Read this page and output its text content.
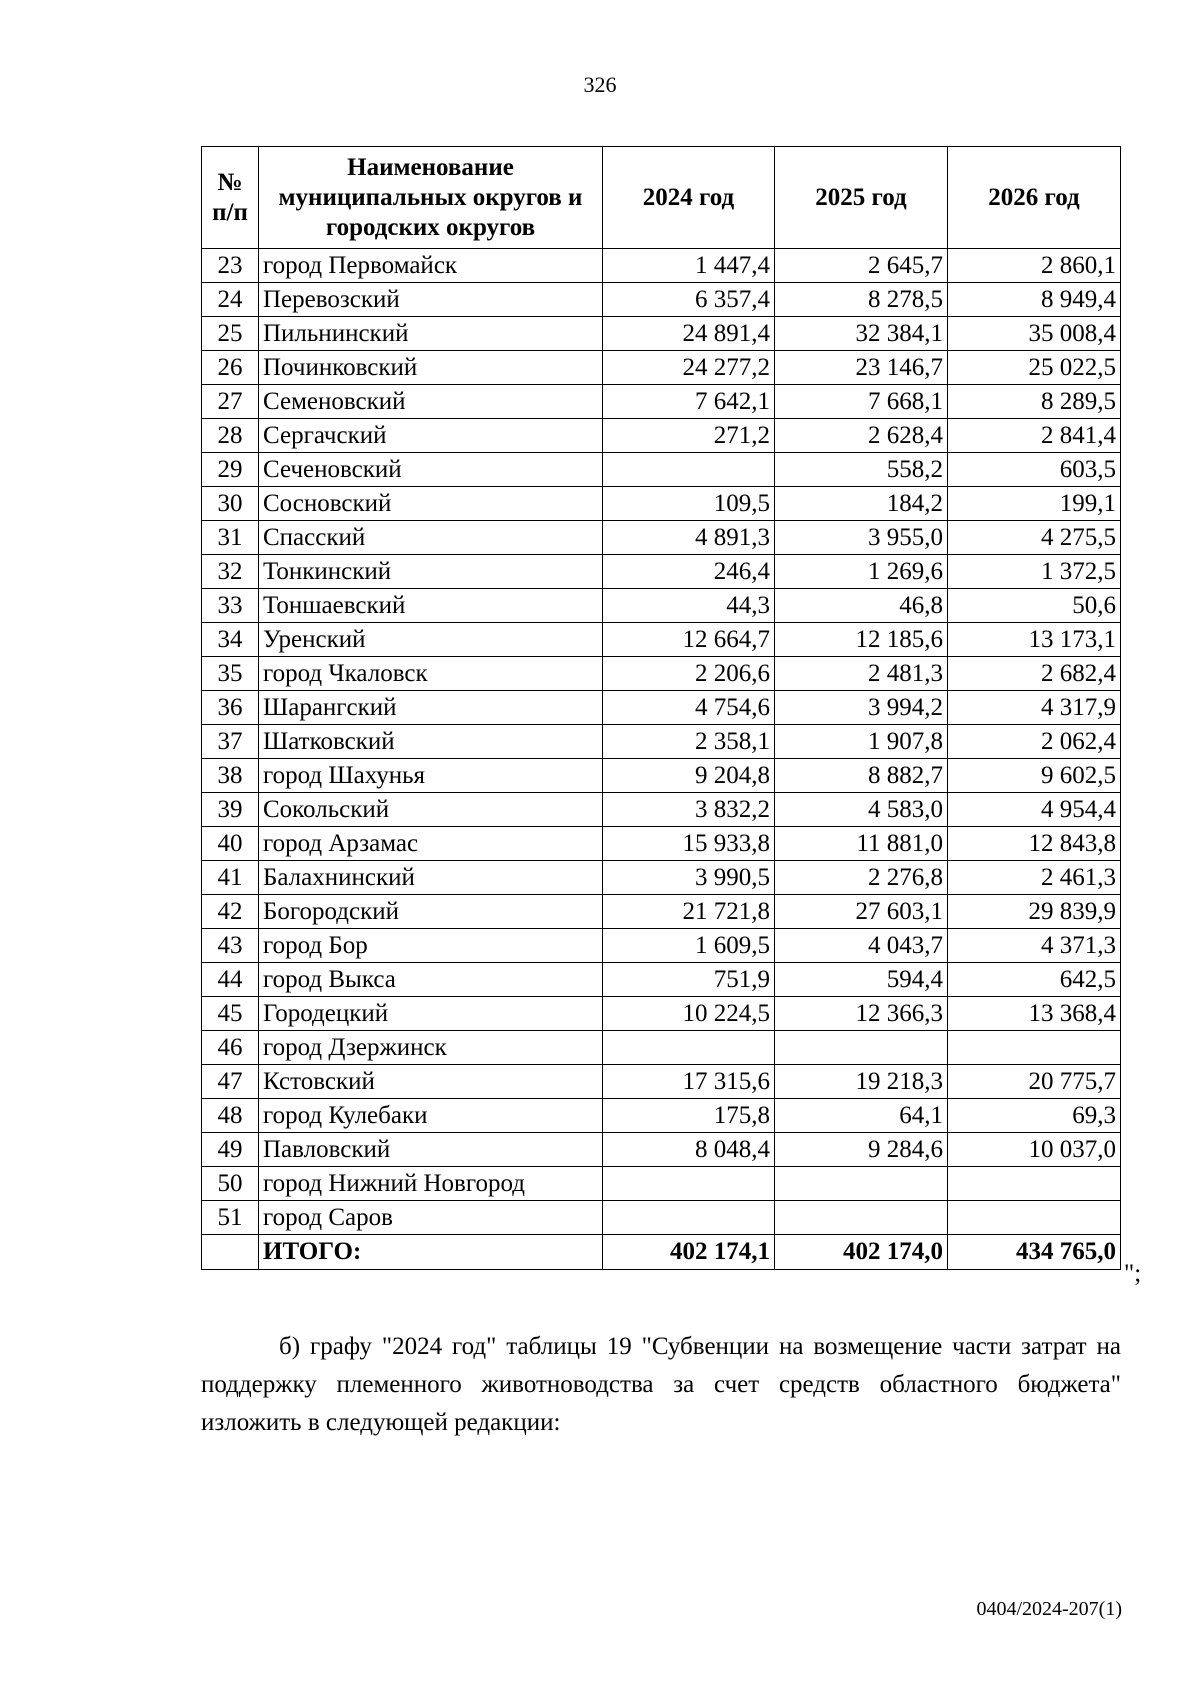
326
№ п/п	Наименование муниципальных округов и городских округов	2024 год	2025 год	2026 год
23	город Первомайск	1 447,4	2 645,7	2 860,1
24	Перевозский	6 357,4	8 278,5	8 949,4
25	Пильнинский	24 891,4	32 384,1	35 008,4
26	Починковский	24 277,2	23 146,7	25 022,5
27	Семеновский	7 642,1	7 668,1	8 289,5
28	Сергачский	271,2	2 628,4	2 841,4
29	Сеченовский		558,2	603,5
30	Сосновский	109,5	184,2	199,1
31	Спасский	4 891,3	3 955,0	4 275,5
32	Тонкинский	246,4	1 269,6	1 372,5
33	Тоншаевский	44,3	46,8	50,6
34	Уренский	12 664,7	12 185,6	13 173,1
35	город Чкаловск	2 206,6	2 481,3	2 682,4
36	Шарангский	4 754,6	3 994,2	4 317,9
37	Шатковский	2 358,1	1 907,8	2 062,4
38	город Шахунья	9 204,8	8 882,7	9 602,5
39	Сокольский	3 832,2	4 583,0	4 954,4
40	город Арзамас	15 933,8	11 881,0	12 843,8
41	Балахнинский	3 990,5	2 276,8	2 461,3
42	Богородский	21 721,8	27 603,1	29 839,9
43	город Бор	1 609,5	4 043,7	4 371,3
44	город Выкса	751,9	594,4	642,5
45	Городецкий	10 224,5	12 366,3	13 368,4
46	город Дзержинск			
47	Кстовский	17 315,6	19 218,3	20 775,7
48	город Кулебаки	175,8	64,1	69,3
49	Павловский	8 048,4	9 284,6	10 037,0
50	город Нижний Новгород			
51	город Саров			
	ИТОГО:	402 174,1	402 174,0	434 765,0
";
б) графу "2024 год" таблицы 19 "Субвенции на возмещение части затрат на поддержку племенного животноводства за счет средств областного бюджета" изложить в следующей редакции:
0404/2024-207(1)
